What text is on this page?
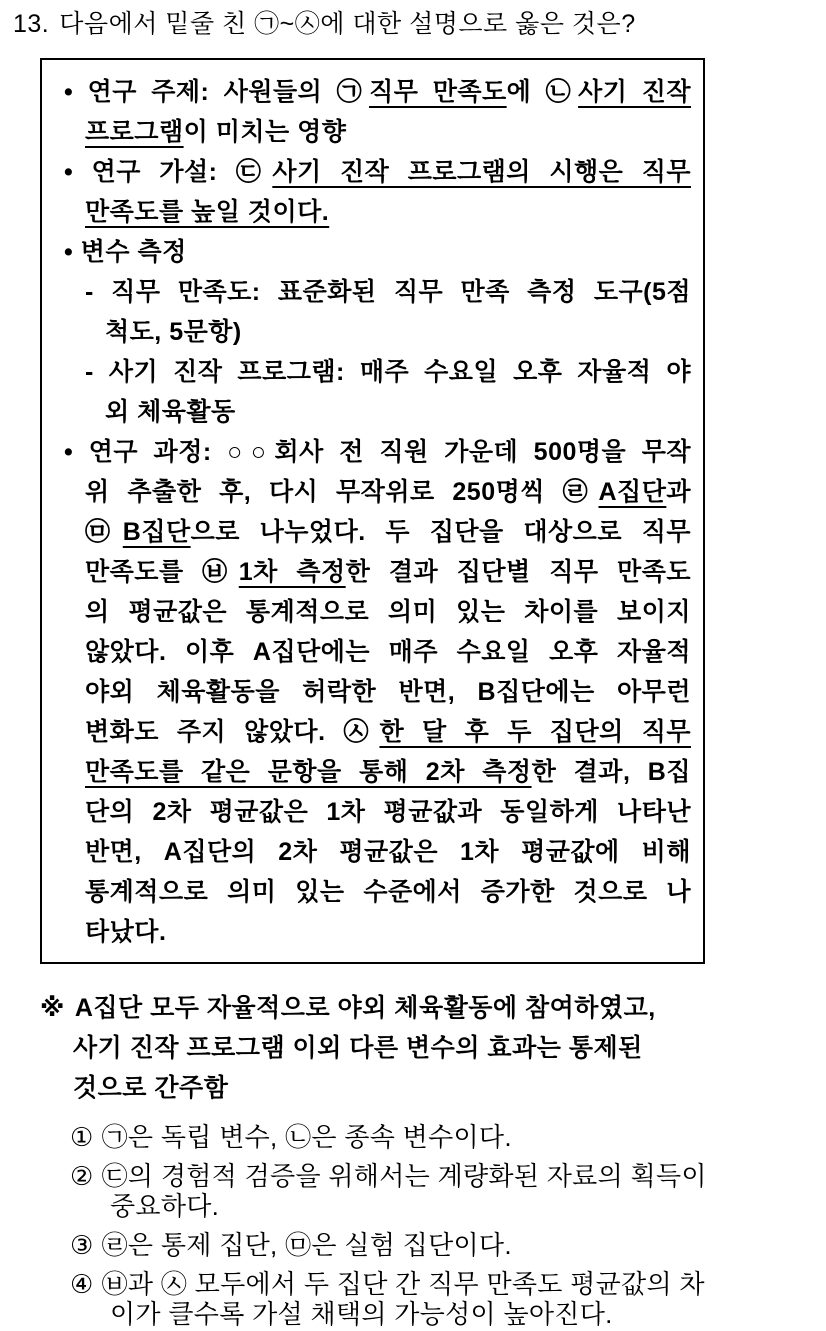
13. 다음에서 밑줄 친 ㉠~㉦에 대한 설명으로 옳은 것은?
• 연구 주제: 사원들의 ㉠직무 만족도에 ㉡사기 진작
프로그램이 미치는 영향
• 연구 가설: ㉢사기 진작 프로그램의 시행은 직무
만족도를 높일 것이다.
• 변수 측정
- 직무 만족도: 표준화된 직무 만족 측정 도구(5점
척도, 5문항)
- 사기 진작 프로그램: 매주 수요일 오후 자율적 야
외 체육활동
• 연구 과정: ○○회사 전 직원 가운데 500명을 무작
위 추출한 후, 다시 무작위로 250명씩 ㉣A집단과
㉤B집단으로 나누었다. 두 집단을 대상으로 직무
만족도를 ㉥1차 측정한 결과 집단별 직무 만족도
의 평균값은 통계적으로 의미 있는 차이를 보이지
않았다. 이후 A집단에는 매주 수요일 오후 자율적
야외 체육활동을 허락한 반면, B집단에는 아무런
변화도 주지 않았다. ㉦한 달 후 두 집단의 직무
만족도를 같은 문항을 통해 2차 측정한 결과, B집
단의 2차 평균값은 1차 평균값과 동일하게 나타난
반면, A집단의 2차 평균값은 1차 평균값에 비해
통계적으로 의미 있는 수준에서 증가한 것으로 나
타났다.
※ A집단 모두 자율적으로 야외 체육활동에 참여하였고,
사기 진작 프로그램 이외 다른 변수의 효과는 통제된
것으로 간주함
① ㉠은 독립 변수, ㉡은 종속 변수이다.
② ㉢의 경험적 검증을 위해서는 계량화된 자료의 획득이
중요하다.
③ ㉣은 통제 집단, ㉤은 실험 집단이다.
④ ㉥과 ㉦ 모두에서 두 집단 간 직무 만족도 평균값의 차
이가 클수록 가설 채택의 가능성이 높아진다.
